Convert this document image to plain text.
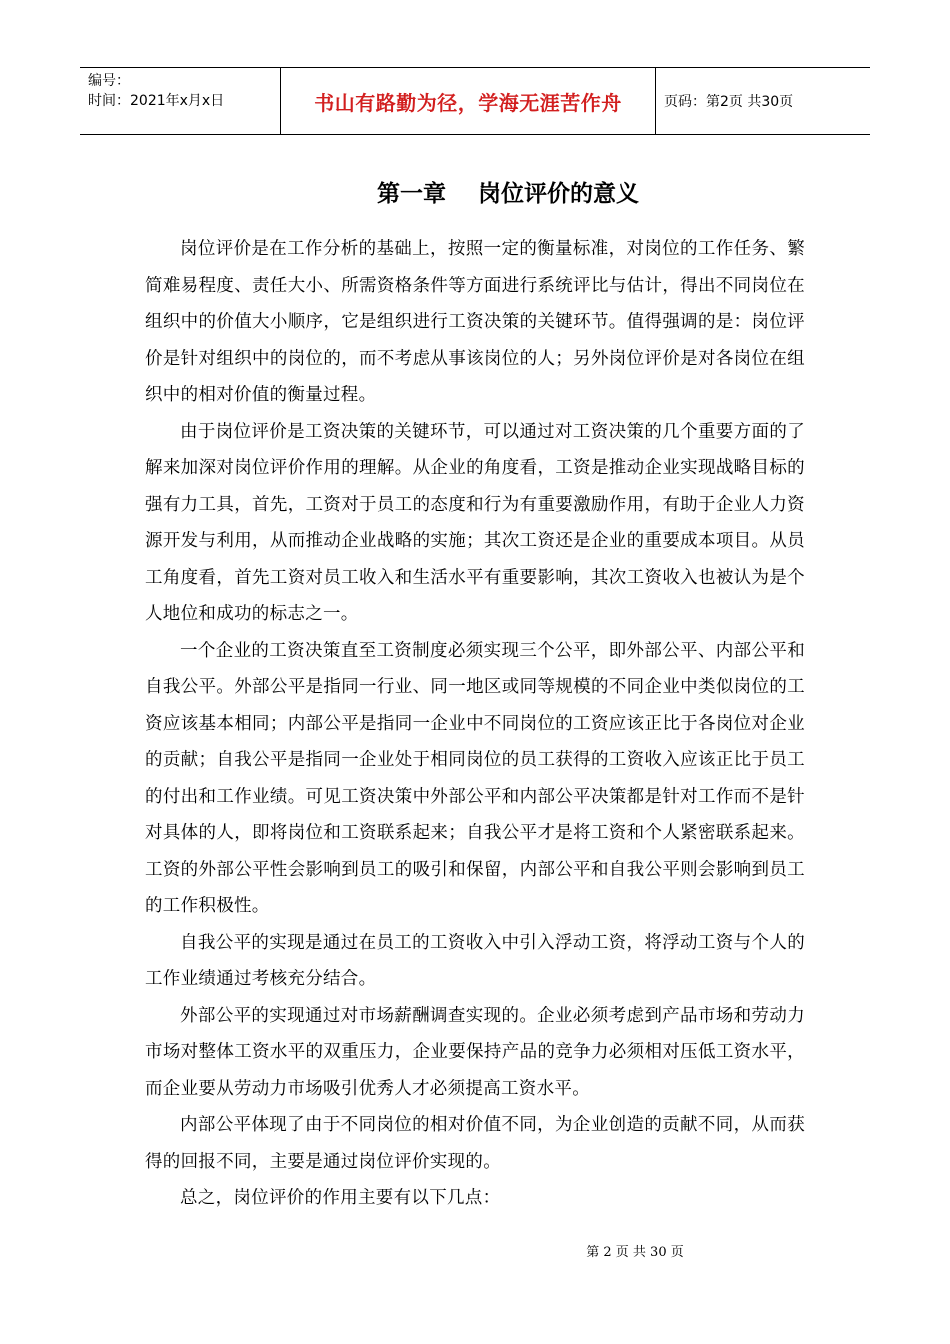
编号：
时间：2021年x月x日	书山有路勤为径，学海无涯苦作舟	页码：第2页 共30页
第一章    岗位评价的意义

岗位评价是在工作分析的基础上，按照一定的衡量标准，对岗位的工作任务、繁简难易程度、责任大小、所需资格条件等方面进行系统评比与估计，得出不同岗位在组织中的价值大小顺序，它是组织进行工资决策的关键环节。值得强调的是：岗位评价是针对组织中的岗位的，而不考虑从事该岗位的人；另外岗位评价是对各岗位在组织中的相对价值的衡量过程。

由于岗位评价是工资决策的关键环节，可以通过对工资决策的几个重要方面的了解来加深对岗位评价作用的理解。从企业的角度看，工资是推动企业实现战略目标的强有力工具，首先，工资对于员工的态度和行为有重要激励作用，有助于企业人力资源开发与利用，从而推动企业战略的实施；其次工资还是企业的重要成本项目。从员工角度看，首先工资对员工收入和生活水平有重要影响，其次工资收入也被认为是个人地位和成功的标志之一。

一个企业的工资决策直至工资制度必须实现三个公平，即外部公平、内部公平和自我公平。外部公平是指同一行业、同一地区或同等规模的不同企业中类似岗位的工资应该基本相同；内部公平是指同一企业中不同岗位的工资应该正比于各岗位对企业的贡献；自我公平是指同一企业处于相同岗位的员工获得的工资收入应该正比于员工的付出和工作业绩。可见工资决策中外部公平和内部公平决策都是针对工作而不是针对具体的人，即将岗位和工资联系起来；自我公平才是将工资和个人紧密联系起来。工资的外部公平性会影响到员工的吸引和保留，内部公平和自我公平则会影响到员工的工作积极性。

自我公平的实现是通过在员工的工资收入中引入浮动工资，将浮动工资与个人的工作业绩通过考核充分结合。

外部公平的实现通过对市场薪酬调查实现的。企业必须考虑到产品市场和劳动力市场对整体工资水平的双重压力，企业要保持产品的竞争力必须相对压低工资水平，而企业要从劳动力市场吸引优秀人才必须提高工资水平。

内部公平体现了由于不同岗位的相对价值不同，为企业创造的贡献不同，从而获得的回报不同，主要是通过岗位评价实现的。

总之，岗位评价的作用主要有以下几点：

第 2 页 共 30 页
